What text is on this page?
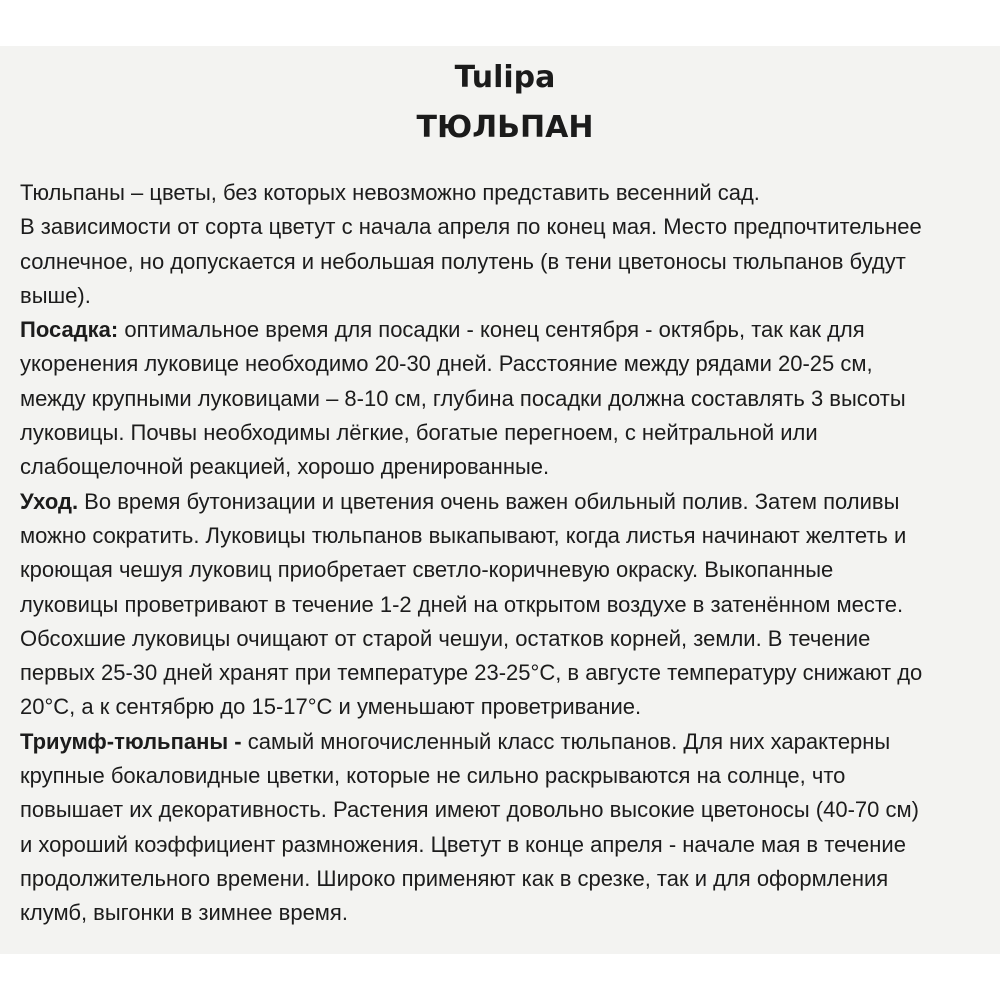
Tulipa
ТЮЛЬПАН
Тюльпаны – цветы, без которых невозможно представить весенний сад.
В зависимости от сорта цветут с начала апреля по конец мая. Место предпочтительнее
солнечное, но допускается и небольшая полутень (в тени цветоносы тюльпанов будут
выше).
Посадка: оптимальное время для посадки - конец сентября - октябрь, так как для
укоренения луковице необходимо 20-30 дней. Расстояние между рядами 20-25 см,
между крупными луковицами – 8-10 см, глубина посадки должна составлять 3 высоты
луковицы. Почвы необходимы лёгкие, богатые перегноем, с нейтральной или
слабощелочной реакцией, хорошо дренированные.
Уход. Во время бутонизации и цветения очень важен обильный полив. Затем поливы
можно сократить. Луковицы тюльпанов выкапывают, когда листья начинают желтеть и
кроющая чешуя луковиц приобретает светло-коричневую окраску. Выкопанные
луковицы проветривают в течение 1-2 дней на открытом воздухе в затенённом месте.
Обсохшие луковицы очищают от старой чешуи, остатков корней, земли. В течение
первых 25-30 дней хранят при температуре 23-25°С, в августе температуру снижают до
20°С, а к сентябрю до 15-17°С и уменьшают проветривание.
Триумф-тюльпаны - самый многочисленный класс тюльпанов. Для них характерны
крупные бокаловидные цветки, которые не сильно раскрываются на солнце, что
повышает их декоративность. Растения имеют довольно высокие цветоносы (40-70 см)
и хороший коэффициент размножения. Цветут в конце апреля - начале мая в течение
продолжительного времени. Широко применяют как в срезке, так и для оформления
клумб, выгонки в зимнее время.
